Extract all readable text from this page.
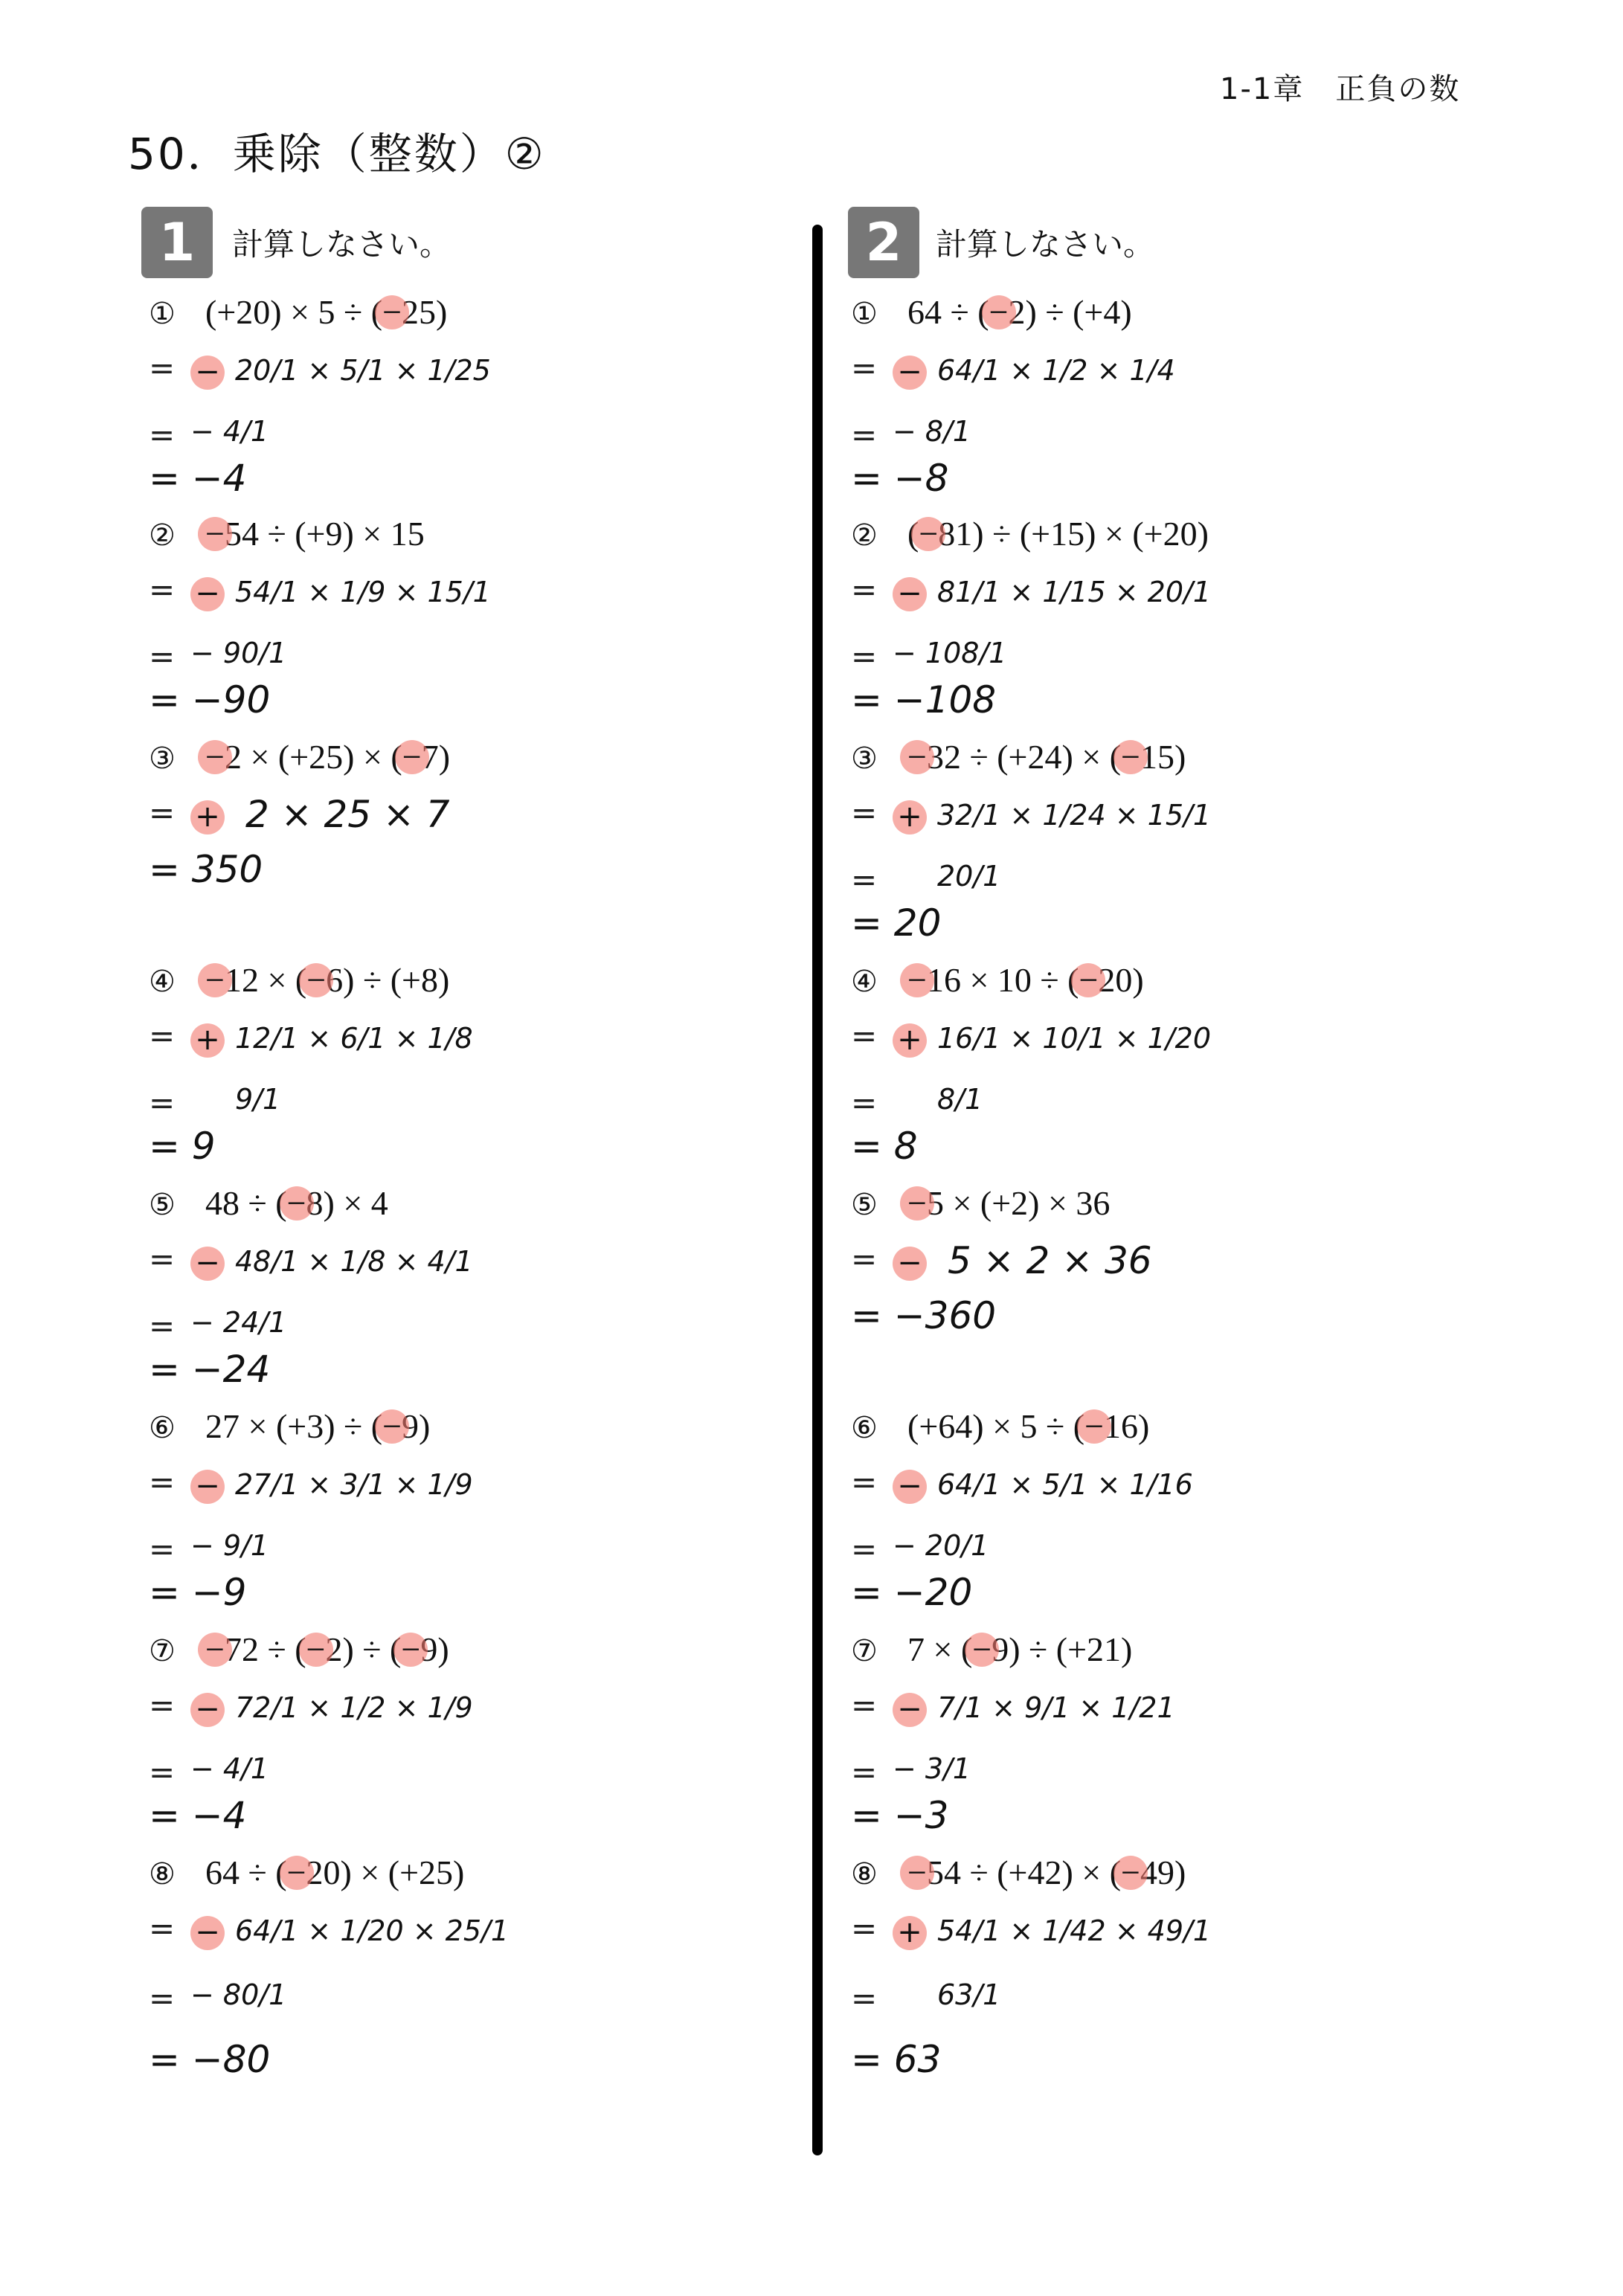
1-1章　正負の数
50．乗除（整数）②
1	計算しなさい。	2	計算しなさい。
① (+20) × 5 ÷ (−25)
= − 20/1 × 5/1 × 1/25
= − 4/1
= −4
② −54 ÷ (+9) × 15
= − 54/1 × 1/9 × 15/1
= − 90/1
= −90
③ −2 × (+25) × (−7)
= + 2 × 25 × 7
= 350
④ −12 × (−6) ÷ (+8)
= + 12/1 × 6/1 × 1/8
= 9/1
= 9
⑤ 48 ÷ (−8) × 4
= − 48/1 × 1/8 × 4/1
= − 24/1
= −24
⑥ 27 × (+3) ÷ (−9)
= − 27/1 × 3/1 × 1/9
= − 9/1
= −9
⑦ −72 ÷ (−2) ÷ (−9)
= − 72/1 × 1/2 × 1/9
= − 4/1
= −4
⑧ 64 ÷ (−20) × (+25)
= − 64/1 × 1/20 × 25/1
= − 80/1
= −80
① 64 ÷ (−2) ÷ (+4)
= − 64/1 × 1/2 × 1/4
= − 8/1
= −8
② (−81) ÷ (+15) × (+20)
= − 81/1 × 1/15 × 20/1
= − 108/1
= −108
③ −32 ÷ (+24) × (−15)
= + 32/1 × 1/24 × 15/1
= 20/1
= 20
④ −16 × 10 ÷ (−20)
= + 16/1 × 10/1 × 1/20
= 8/1
= 8
⑤ −5 × (+2) × 36
= − 5 × 2 × 36
= −360
⑥ (+64) × 5 ÷ (−16)
= − 64/1 × 5/1 × 1/16
= − 20/1
= −20
⑦ 7 × (−9) ÷ (+21)
= − 7/1 × 9/1 × 1/21
= − 3/1
= −3
⑧ −54 ÷ (+42) × (−49)
= + 54/1 × 1/42 × 49/1
= 63/1
= 63
